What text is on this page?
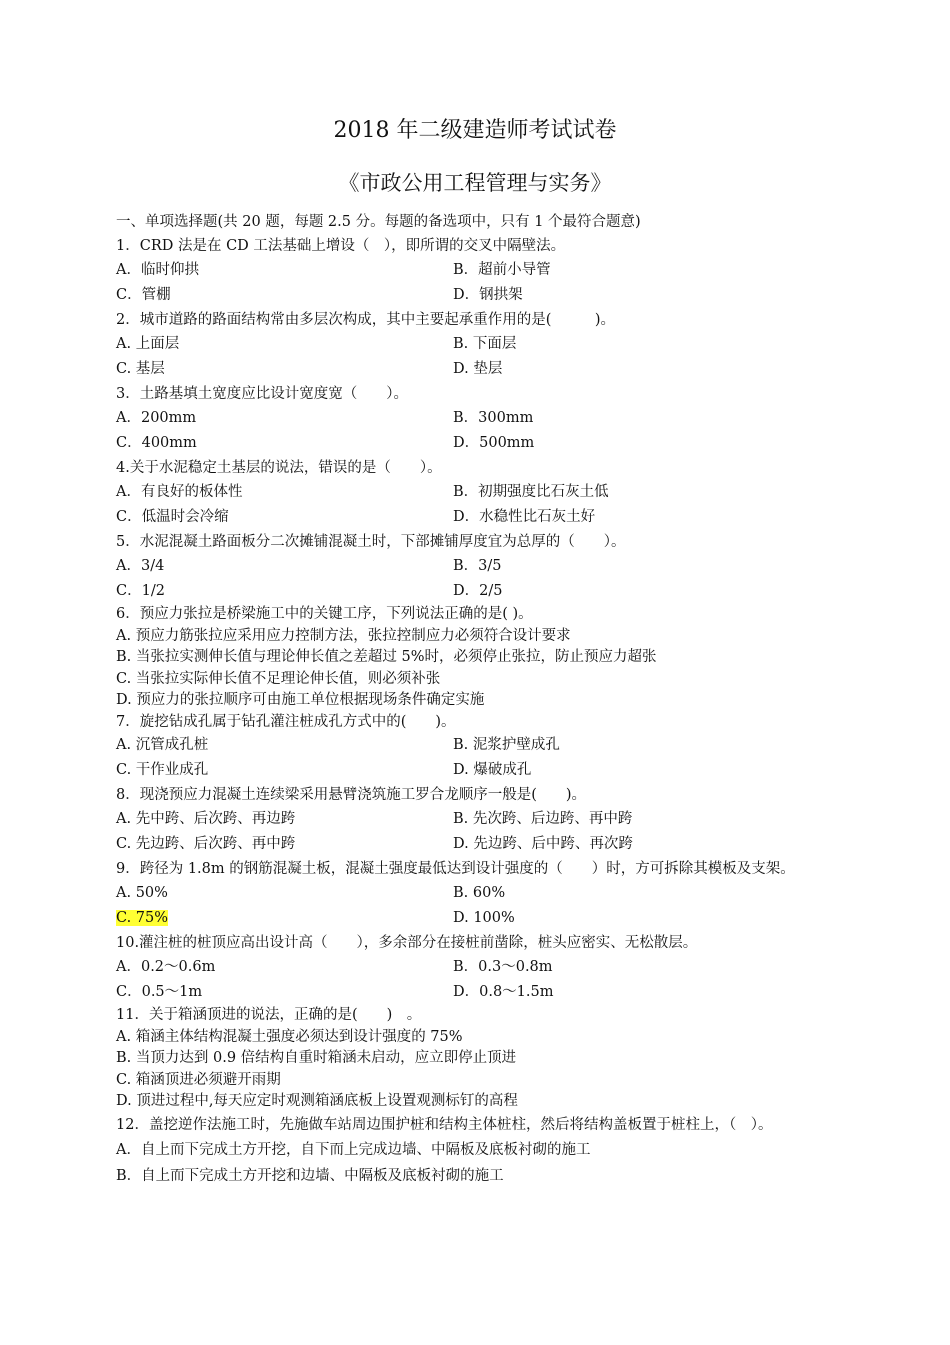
2018 年二级建造师考试试卷
《市政公用工程管理与实务》
一、单项选择题(共 20 题，每题 2.5 分。每题的备选项中，只有 1 个最符合题意)
1．CRD 法是在 CD 工法基础上增设（　），即所谓的交叉中隔壁法。
A．临时仰拱	B．超前小导管
C．管棚	D．钢拱架
2．城市道路的路面结构常由多层次构成，其中主要起承重作用的是(　　　)。
A. 上面层	B. 下面层
C. 基层	D. 垫层
3．土路基填土宽度应比设计宽度宽（　　）。
A．200mm	B．300mm
C．400mm	D．500mm
4.关于水泥稳定土基层的说法，错误的是（　　）。
A．有良好的板体性	B．初期强度比石灰土低
C．低温时会冷缩	D．水稳性比石灰土好
5．水泥混凝土路面板分二次摊铺混凝土时，下部摊铺厚度宜为总厚的（　　）。
A．3/4	B．3/5
C．1/2	D．2/5
6．预应力张拉是桥梁施工中的关键工序，下列说法正确的是( )。
A. 预应力筋张拉应采用应力控制方法，张拉控制应力必须符合设计要求
B. 当张拉实测伸长值与理论伸长值之差超过 5%时，必须停止张拉，防止预应力超张
C. 当张拉实际伸长值不足理论伸长值，则必须补张
D. 预应力的张拉顺序可由施工单位根据现场条件确定实施
7．旋挖钻成孔属于钻孔灌注桩成孔方式中的(　　)。
A. 沉管成孔桩	B. 泥浆护壁成孔
C. 干作业成孔	D. 爆破成孔
8．现浇预应力混凝土连续梁采用悬臂浇筑施工罗合龙顺序一般是(　　)。
A. 先中跨、后次跨、再边跨	B. 先次跨、后边跨、再中跨
C. 先边跨、后次跨、再中跨	D. 先边跨、后中跨、再次跨
9．跨径为 1.8m 的钢筋混凝土板，混凝土强度最低达到设计强度的（　　）时，方可拆除其模板及支架。
A. 50%	B. 60%
C. 75%	D. 100%
10.灌注桩的桩顶应高出设计高（　　），多余部分在接桩前凿除，桩头应密实、无松散层。
A．0.2～0.6m	B．0.3～0.8m
C．0.5～1m	D．0.8～1.5m
11．关于箱涵顶进的说法，正确的是(　　)　。
A. 箱涵主体结构混凝土强度必须达到设计强度的 75%
B. 当顶力达到 0.9 倍结构自重时箱涵未启动，应立即停止顶进
C. 箱涵顶进必须避开雨期
D. 顶进过程中,每天应定时观测箱涵底板上设置观测标钉的高程
12．盖挖逆作法施工时，先施做车站周边围护桩和结构主体桩柱，然后将结构盖板置于桩柱上，（　）。
A．自上而下完成土方开挖，自下而上完成边墙、中隔板及底板衬砌的施工
B．自上而下完成土方开挖和边墙、中隔板及底板衬砌的施工
